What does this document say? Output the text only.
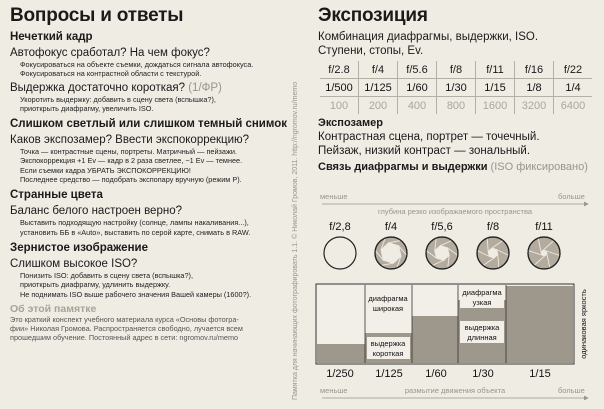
Вопросы и ответы
Нечеткий кадр
Автофокус сработал? На чем фокус?
Фокусироваться на объекте съемки, дождаться сигнала автофокуса.
Фокусироваться на контрастной области с текстурой.
Выдержка достаточно короткая? (1/ФР)
Укоротить выдержку: добавить в сцену света (вспышка?),
приоткрыть диафрагму, увеличить ISO.
Слишком светлый или слишком темный снимок
Каков экспозамер? Ввести экспокоррекцию?
Точка — контрастные сцены, портреты. Матричный — пейзажи.
Экспокоррекция +1 Ev — кадр в 2 раза светлее, −1 Ev — темнее.
Если съемки кадра УБРАТЬ ЭКСПОКОРРЕКЦИЮ!
Последнее средство — подобрать экспопару вручную (режим Р).
Странные цвета
Баланс белого настроен верно?
Выставить подходящую настройку (солнце, лампы накаливания...),
установить ББ в «Auto», выставить по серой карте, снимать в RAW.
Зернистое изображение
Слишком высокое ISO?
Понизить ISO: добавить в сцену света (вспышка?),
приоткрыть диафрагму, удлинить выдержку.
Не поднимать ISO выше рабочего значения Вашей камеры (1600?).
Об этой памятке
Это краткий конспект учебного материала курса «Основы фотогра-
фии» Николая Громова. Распространяется свободно, лучается всем
прошедшим обучение. Постоянный адрес в сети: ngromov.ru/memo	Памятка для начинающих фотографировать 1.1. © Николай Громов, 2011. http://ngromov.ru/memo
Экспозиция
Комбинация диафрагмы, выдержки, ISO.
Ступени, стопы, Ev.
f/2.8	f/4	f/5.6	f/8	f/11	f/16	f/22
1/500	1/125	1/60	1/30	1/15	1/8	1/4
100	200	400	800	1600	3200	6400
Экспозамер
Контрастная сцена, портрет — точечный.
Пейзаж, низкий контраст — зональный.
Связь диафрагмы и выдержки (ISO фиксировано)
меньше	больше
глубина резко изображаемого пространства
f/2,8	f/4	f/5,6	f/8	f/11
диафрагма
широкая
выдержка
короткая
диафрагма
узкая
выдержка
длинная	одинаковая яркость
1/250 1/125 1/60 1/30	1/15
меньше	больше
размытие движения объекта
